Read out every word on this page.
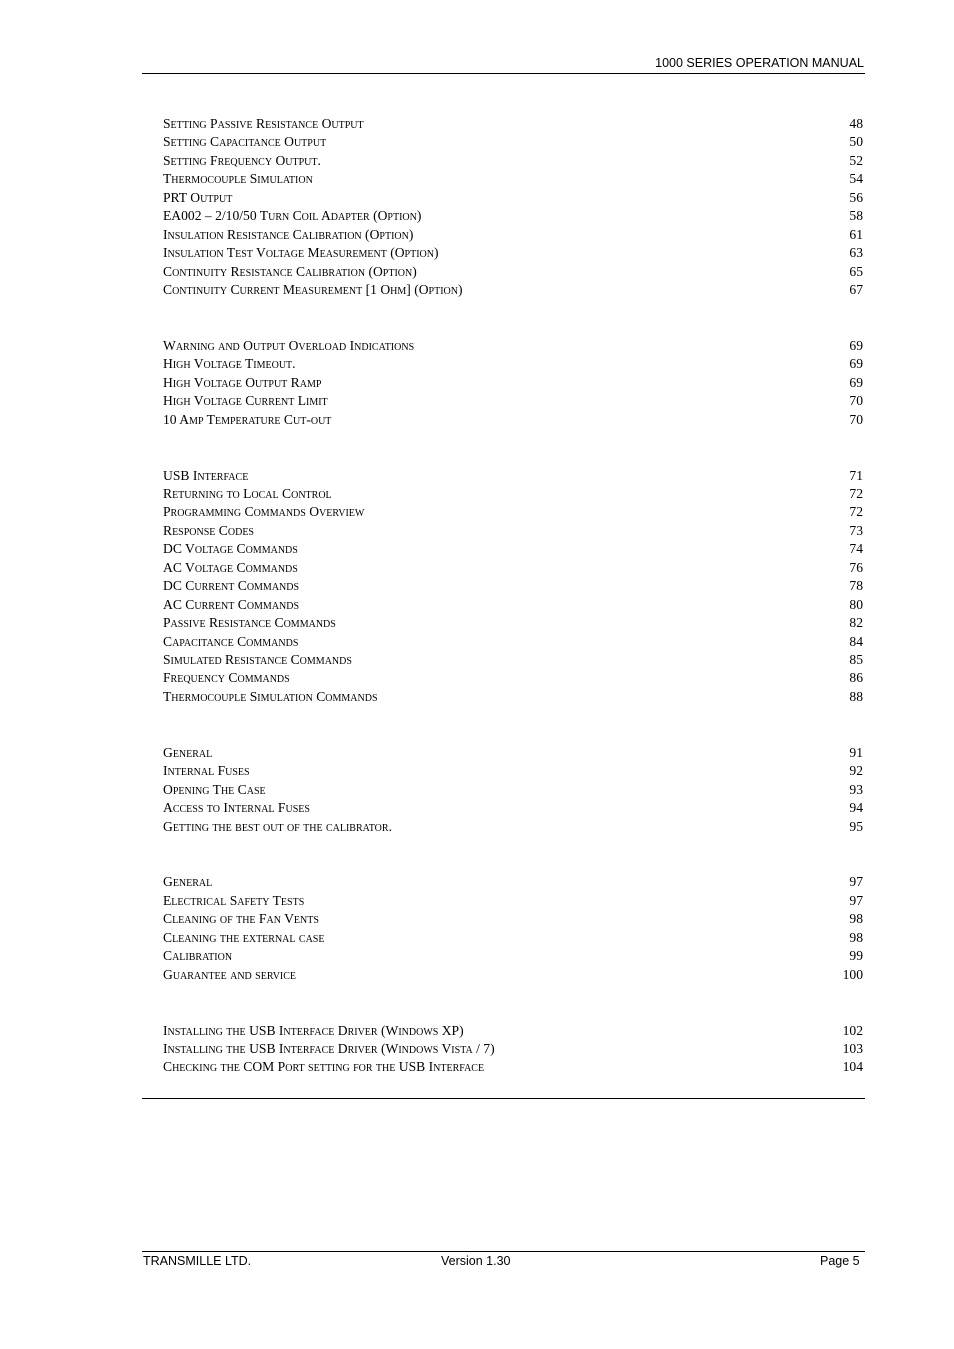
1000 SERIES OPERATION MANUAL
Setting Passive Resistance Output	48
Setting Capacitance Output	50
Setting Frequency Output.	52
Thermocouple Simulation	54
PRT Output	56
EA002 – 2/10/50 Turn Coil Adapter (Option)	58
Insulation Resistance Calibration (Option)	61
Insulation Test Voltage Measurement (Option)	63
Continuity Resistance Calibration (Option)	65
Continuity Current Measurement [1 Ohm] (Option)	67
Warning and Output Overload Indications	69
High Voltage Timeout.	69
High Voltage Output Ramp	69
High Voltage Current Limit	70
10 Amp Temperature Cut-out	70
USB Interface	71
Returning to Local Control	72
Programming Commands Overview	72
Response Codes	73
DC Voltage Commands	74
AC Voltage Commands	76
DC Current Commands	78
AC Current Commands	80
Passive Resistance Commands	82
Capacitance Commands	84
Simulated Resistance Commands	85
Frequency Commands	86
Thermocouple Simulation Commands	88
General	91
Internal Fuses	92
Opening The Case	93
Access to Internal Fuses	94
Getting the best out of the calibrator.	95
General	97
Electrical Safety Tests	97
Cleaning of the Fan Vents	98
Cleaning the external case	98
Calibration	99
Guarantee and service	100
Installing the USB Interface Driver (Windows XP)	102
Installing the USB Interface Driver (Windows Vista / 7)	103
Checking the COM Port setting for the USB Interface	104
TRANSMILLE LTD.	Version 1.30	Page 5
